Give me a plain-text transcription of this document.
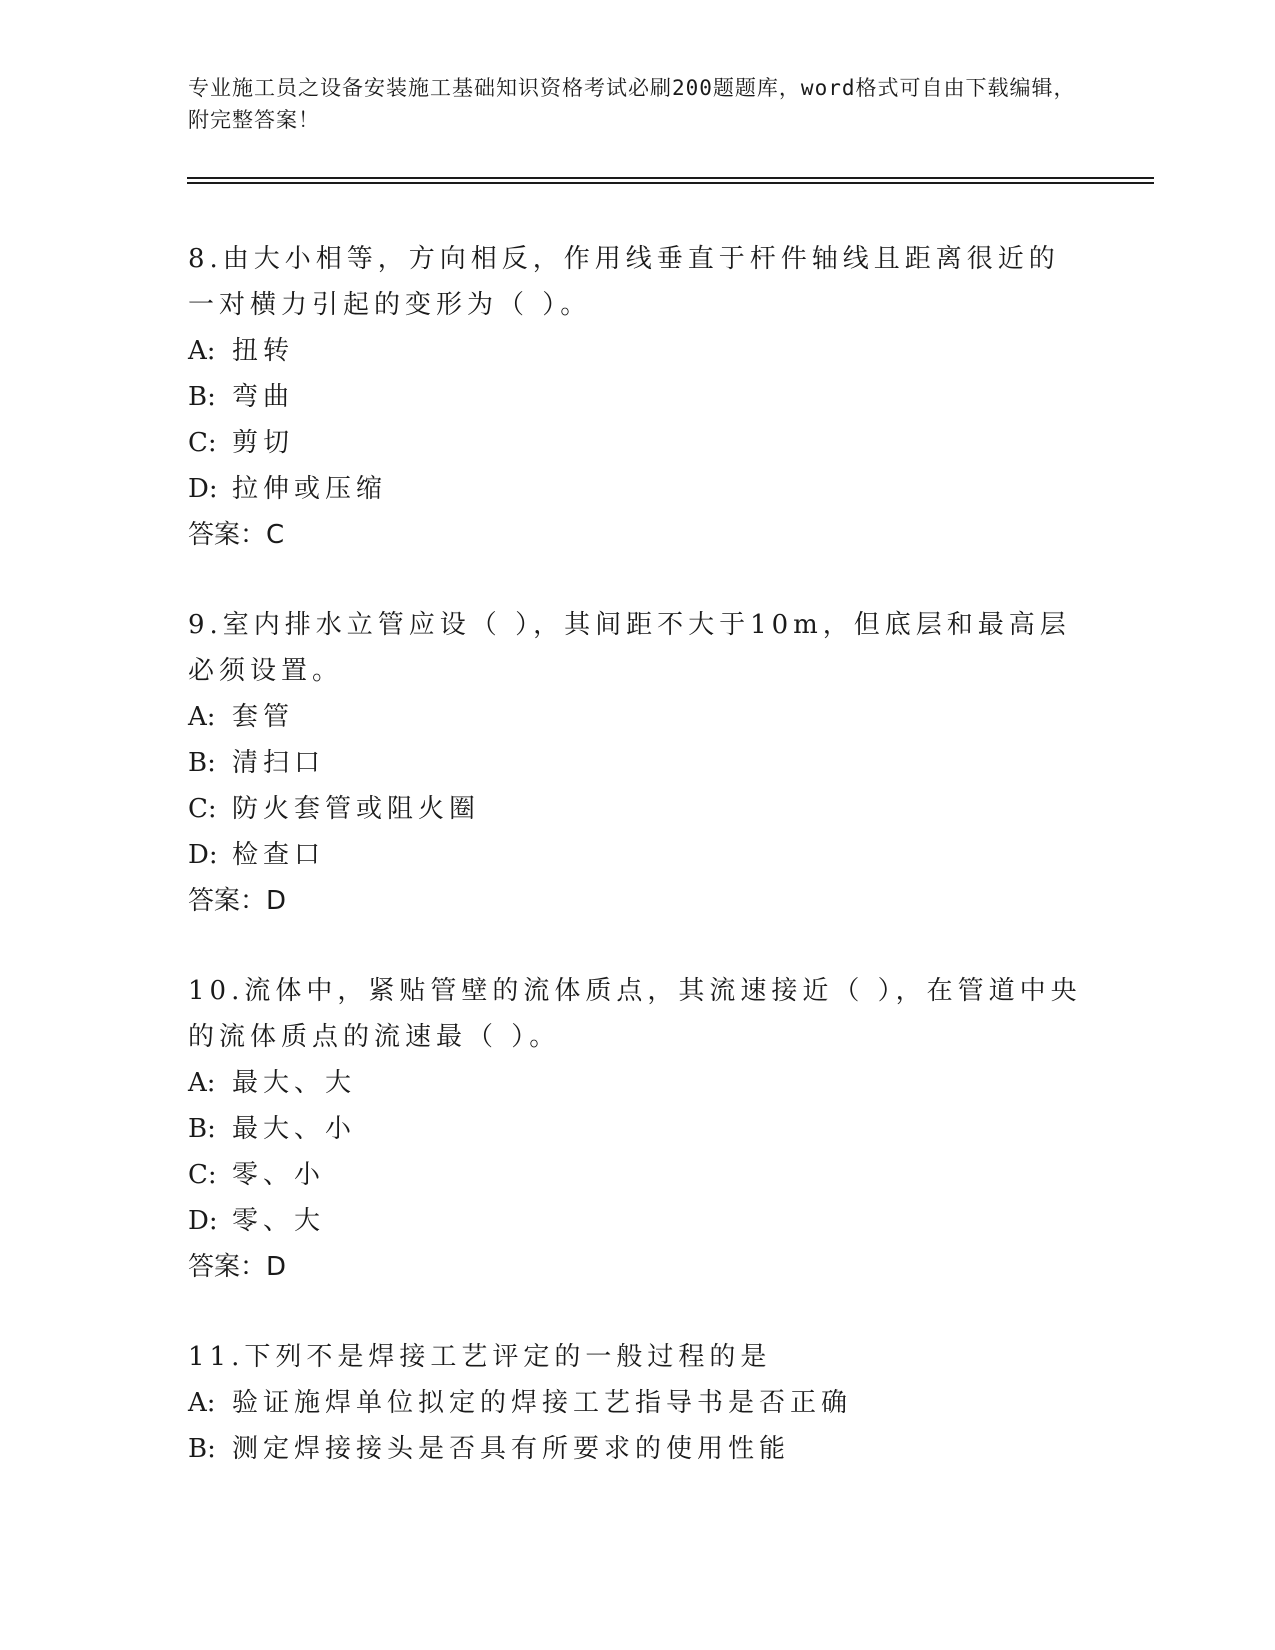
专业施工员之设备安装施工基础知识资格考试必刷200题题库，word格式可自由下载编辑，附完整答案！

8.由大小相等，方向相反，作用线垂直于杆件轴线且距离很近的一对横力引起的变形为（ ）。

A: 扭转

B: 弯曲

C: 剪切

D: 拉伸或压缩

答案：C

9.室内排水立管应设（ ），其间距不大于10m，但底层和最高层必须设置。

A: 套管

B: 清扫口

C: 防火套管或阻火圈

D: 检查口

答案：D

10.流体中，紧贴管壁的流体质点，其流速接近（ ），在管道中央的流体质点的流速最（ ）。

A: 最大、大

B: 最大、小

C: 零、小

D: 零、大

答案：D

11.下列不是焊接工艺评定的一般过程的是

A: 验证施焊单位拟定的焊接工艺指导书是否正确

B: 测定焊接接头是否具有所要求的使用性能
